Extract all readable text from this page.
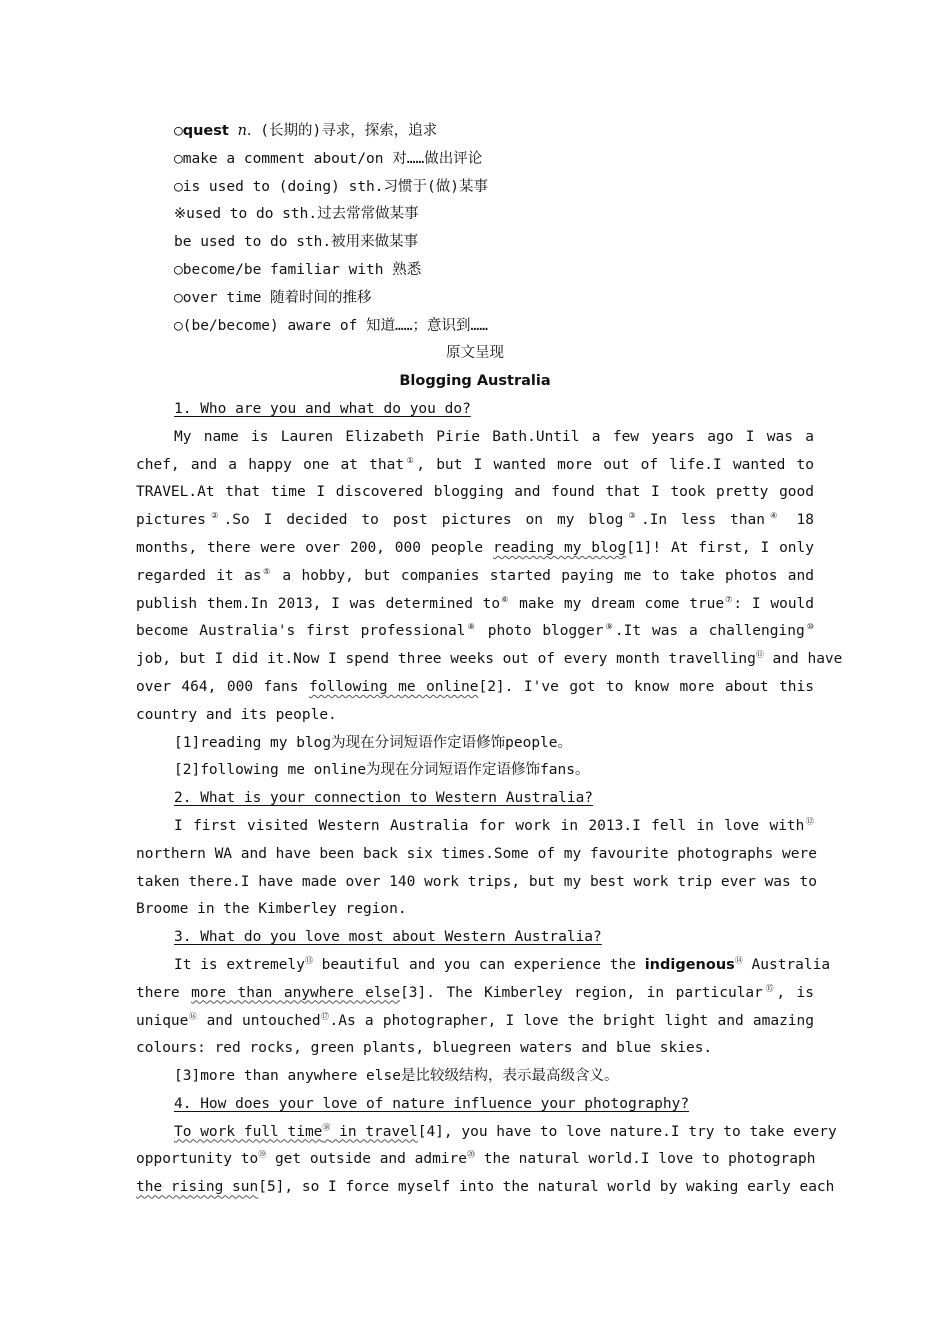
○quest n. (长期的)寻求，探索，追求
○make a comment about/on 对……做出评论
○is used to (doing) sth.习惯于(做)某事
※used to do sth.过去常常做某事
be used to do sth.被用来做某事
○become/be familiar with 熟悉
○over time 随着时间的推移
○(be/become) aware of 知道……；意识到……
原文呈现
Blogging Australia
1. Who are you and what do you do?
My name is Lauren Elizabeth Pirie Bath.Until a few years ago I was a
chef, and a happy one at that①, but I wanted more out of life.I wanted to
TRAVEL.At that time I discovered blogging and found that I took pretty good
pictures②.So I decided to post pictures on my blog③.In less than④ 18
months, there were over 200, 000 people reading my blog[1]! At first, I only
regarded it as⑤ a hobby, but companies started paying me to take photos and
publish them.In 2013, I was determined to⑥ make my dream come true⑦: I would
become Australia's first professional⑧ photo blogger⑨.It was a challenging⑩
job, but I did it.Now I spend three weeks out of every month travelling⑪ and have
over 464, 000 fans following me online[2]. I've got to know more about this
country and its people.
[1]reading my blog为现在分词短语作定语修饰people。
[2]following me online为现在分词短语作定语修饰fans。
2. What is your connection to Western Australia?
I first visited Western Australia for work in 2013.I fell in love with⑫
northern WA and have been back six times.Some of my favourite photographs were
taken there.I have made over 140 work trips, but my best work trip ever was to
Broome in the Kimberley region.
3. What do you love most about Western Australia?
It is extremely⑬ beautiful and you can experience the indigenous⑭ Australia
there more than anywhere else[3]. The Kimberley region, in particular⑮, is
unique⑯ and untouched⑰.As a photographer, I love the bright light and amazing
colours: red rocks, green plants, bluegreen waters and blue skies.
[3]more than anywhere else是比较级结构，表示最高级含义。
4. How does your love of nature influence your photography?
To work full time⑱ in travel[4], you have to love nature.I try to take every
opportunity to⑲ get outside and admire⑳ the natural world.I love to photograph
the rising sun[5], so I force myself into the natural world by waking early each
